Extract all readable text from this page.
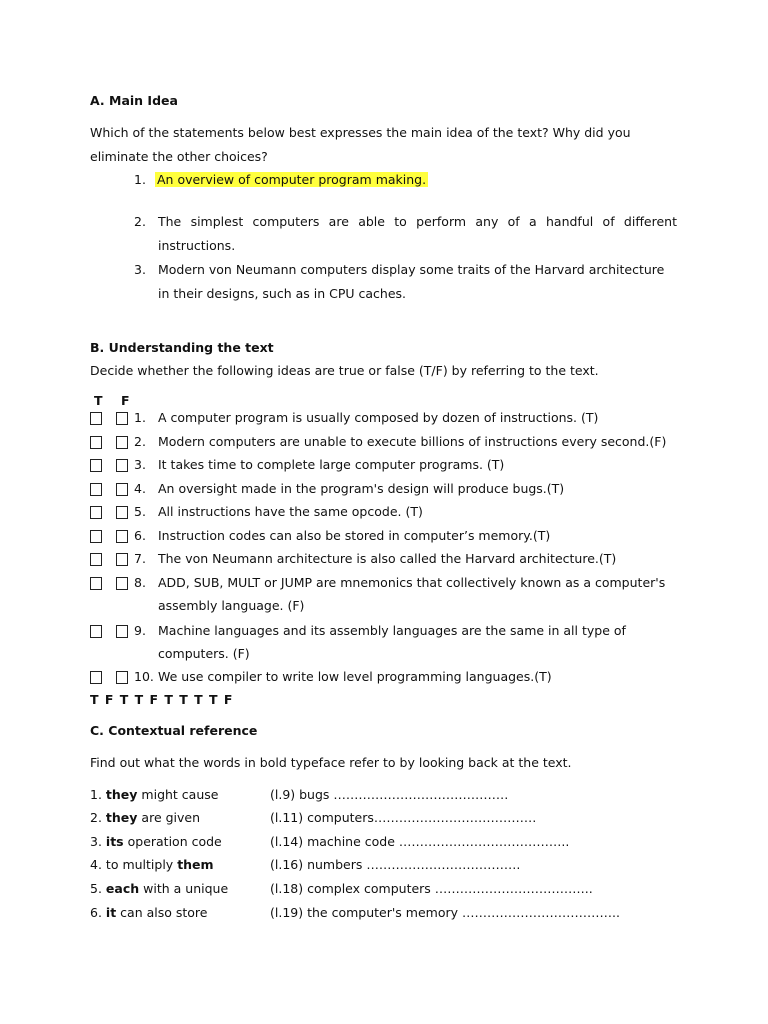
A. Main Idea
Which of the statements below best expresses the main idea of the text? Why did you
eliminate the other choices?
1. An overview of computer program making.
2. The simplest computers are able to perform any of a handful of different
instructions.
3. Modern von Neumann computers display some traits of the Harvard architecture
in their designs, such as in CPU caches.
B. Understanding the text
Decide whether the following ideas are true or false (T/F) by referring to the text.
T F
1. A computer program is usually composed by dozen of instructions. (T)
2. Modern computers are unable to execute billions of instructions every second.(F)
3. It takes time to complete large computer programs. (T)
4. An oversight made in the program's design will produce bugs.(T)
5. All instructions have the same opcode. (T)
6. Instruction codes can also be stored in computer’s memory.(T)
7. The von Neumann architecture is also called the Harvard architecture.(T)
8. ADD, SUB, MULT or JUMP are mnemonics that collectively known as a computer's
assembly language. (F)
9. Machine languages and its assembly languages are the same in all type of
computers. (F)
10. We use compiler to write low level programming languages.(T)
T F T T F T T T T F
C. Contextual reference
Find out what the words in bold typeface refer to by looking back at the text.
1. they might cause	(l.9) bugs ……………………………………
2. they are given	(l.11) computers…………………………………
3. its operation code	(l.14) machine code …………………………………..
4. to multiply them	(l.16) numbers ……………………………….
5. each with a unique	(l.18) complex computers ………………………………..
6. it can also store	(l.19) the computer's memory ………………………………..
